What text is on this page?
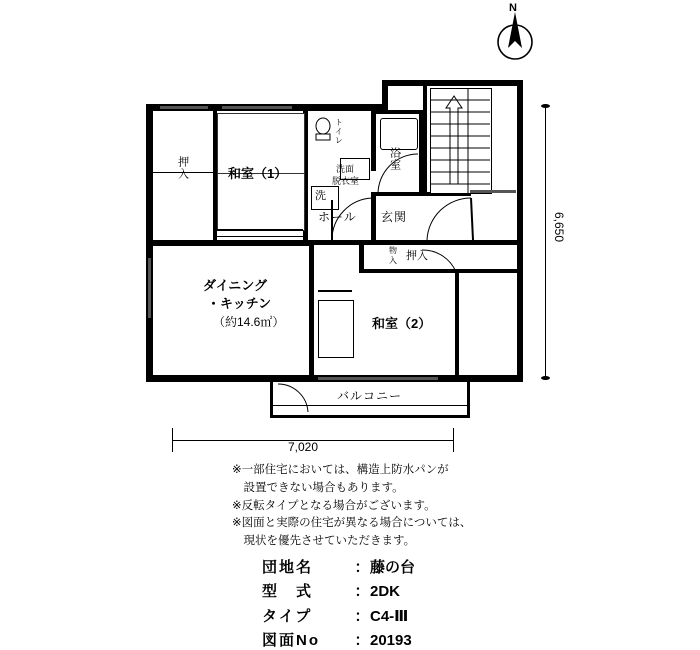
N
押入	和室（1）
ダイニング
・キッチン
（約14.6㎡）	和室（2）
バルコニー
ホール 玄関
浴室
洗面
脱衣室
トイレ
洗
物
入 押入
6,650
7,020
※一部住宅においては、構造上防水パンが
　設置できない場合もあります。
※反転タイプとなる場合がございます。
※図面と実際の住宅が異なる場合については、
　現状を優先させていただきます。
団地名	： 藤の台
型　式	： 2DK
タイプ	： C4-Ⅲ
図面No	： 20193
